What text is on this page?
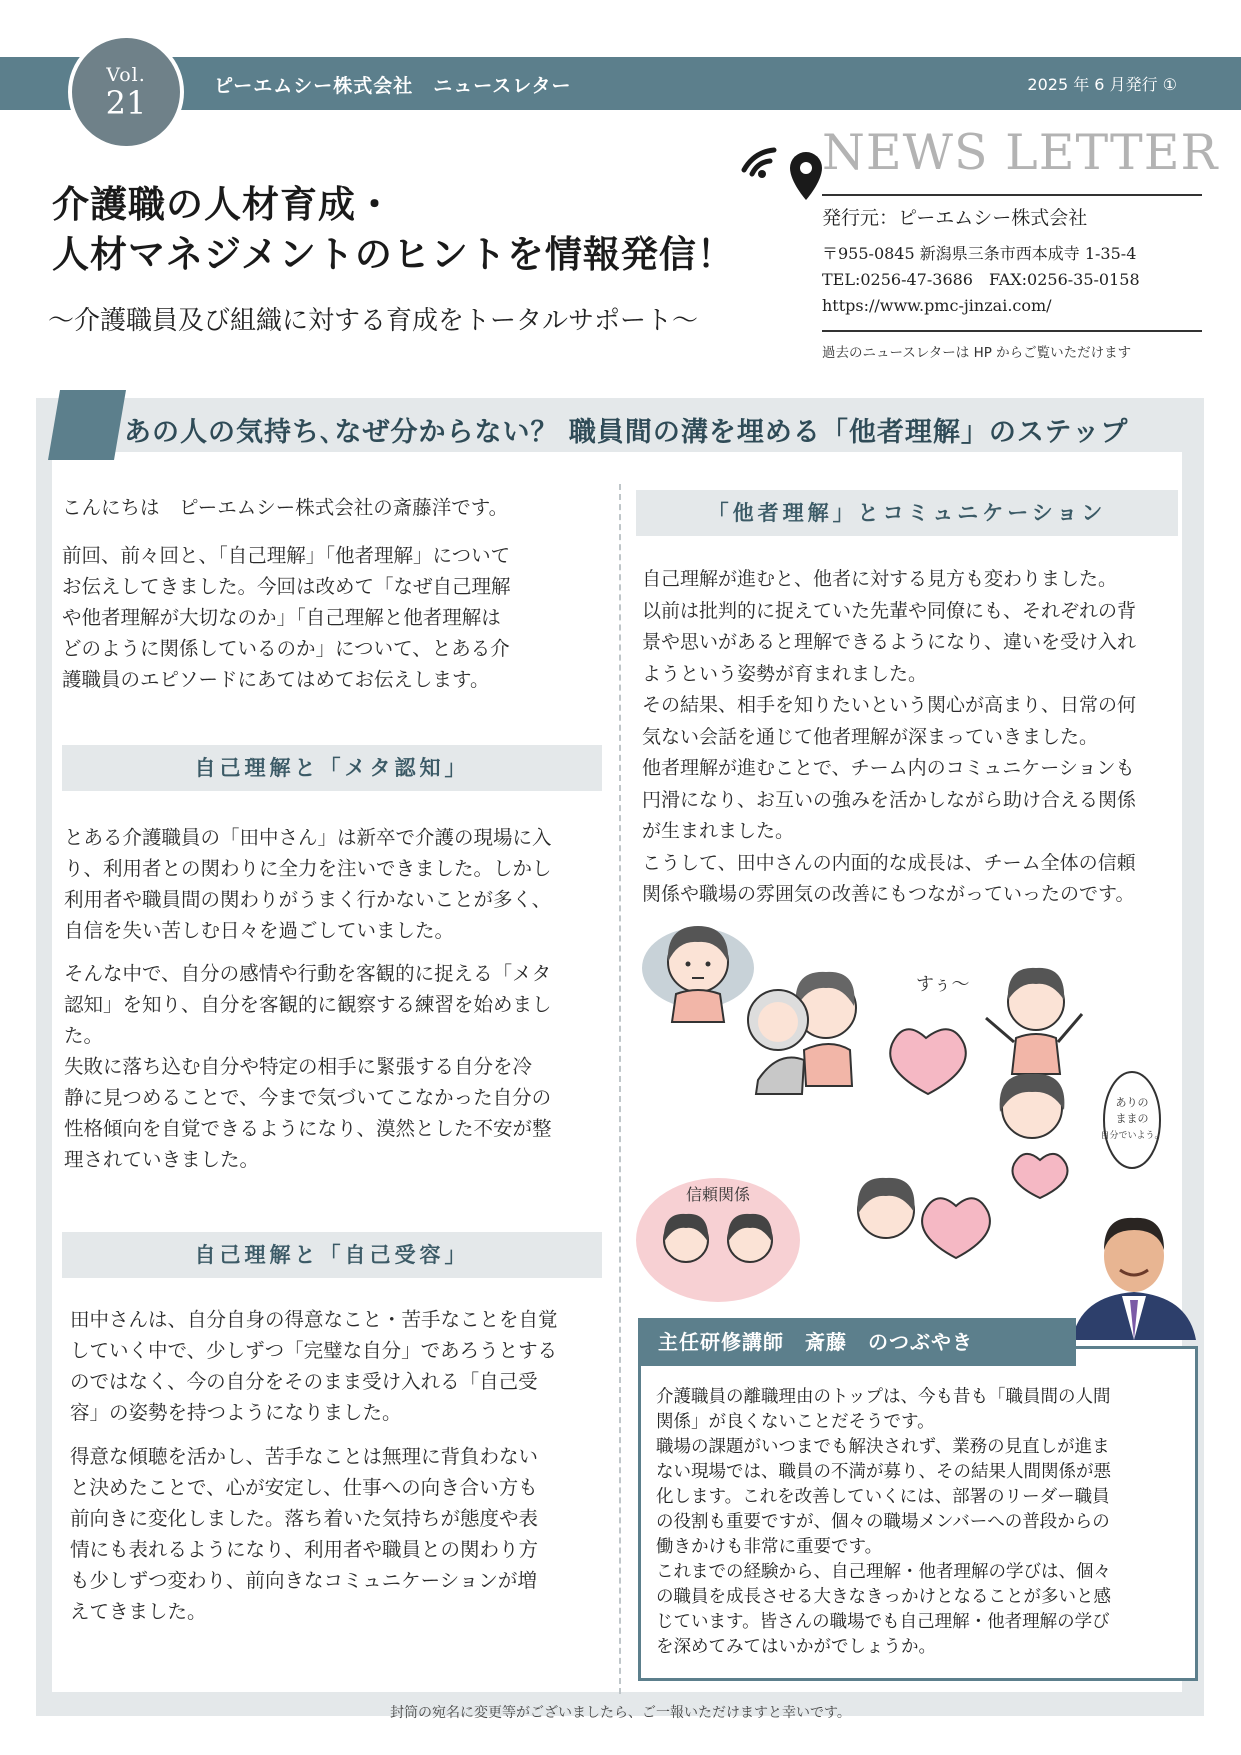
Vol.
21	ピーエムシー株式会社　ニュースレター	2025 年 6 月発行 ①
介護職の人材育成・
人材マネジメントのヒントを情報発信！
〜介護職員及び組織に対する育成をトータルサポート〜
NEWS LETTER
発行元：ピーエムシー株式会社
〒955-0845 新潟県三条市西本成寺 1-35-4
TEL:0256-47-3686　FAX:0256-35-0158
https://www.pmc-jinzai.com/
過去のニュースレターは HP からご覧いただけます
あの人の気持ち､なぜ分からない？ 職員間の溝を埋める「他者理解」のステップ
こんにちは　ピーエムシー株式会社の斎藤洋です。
前回、前々回と、「自己理解」「他者理解」について
お伝えしてきました。今回は改めて「なぜ自己理解
や他者理解が大切なのか」「自己理解と他者理解は
どのように関係しているのか」について、とある介
護職員のエピソードにあてはめてお伝えします。
自己理解と「メタ認知」
とある介護職員の「田中さん」は新卒で介護の現場に入
り、利用者との関わりに全力を注いできました。しかし
利用者や職員間の関わりがうまく行かないことが多く、
自信を失い苦しむ日々を過ごしていました。
そんな中で、自分の感情や行動を客観的に捉える「メタ
認知」を知り、自分を客観的に観察する練習を始めまし
た。
失敗に落ち込む自分や特定の相手に緊張する自分を冷
静に見つめることで、今まで気づいてこなかった自分の
性格傾向を自覚できるようになり、漠然とした不安が整
理されていきました。
自己理解と「自己受容」
田中さんは、自分自身の得意なこと・苦手なことを自覚
していく中で、少しずつ「完璧な自分」であろうとする
のではなく、今の自分をそのまま受け入れる「自己受
容」の姿勢を持つようになりました。
得意な傾聴を活かし、苦手なことは無理に背負わない
と決めたことで、心が安定し、仕事への向き合い方も
前向きに変化しました。落ち着いた気持ちが態度や表
情にも表れるようになり、利用者や職員との関わり方
も少しずつ変わり、前向きなコミュニケーションが増
えてきました。
「他者理解」とコミュニケーション
自己理解が進むと、他者に対する見方も変わりました。
以前は批判的に捉えていた先輩や同僚にも、それぞれの背
景や思いがあると理解できるようになり、違いを受け入れ
ようという姿勢が育まれました。
その結果、相手を知りたいという関心が高まり、日常の何
気ない会話を通じて他者理解が深まっていきました。
他者理解が進むことで、チーム内のコミュニケーションも
円滑になり、お互いの強みを活かしながら助け合える関係
が生まれました。
こうして、田中さんの内面的な成長は、チーム全体の信頼
関係や職場の雰囲気の改善にもつながっていったのです。
すぅ〜
ありの
ままの
自分でいよう。
信頼関係
主任研修講師　斎藤　のつぶやき
介護職員の離職理由のトップは、今も昔も「職員間の人間
関係」が良くないことだそうです。
職場の課題がいつまでも解決されず、業務の見直しが進ま
ない現場では、職員の不満が募り、その結果人間関係が悪
化します。これを改善していくには、部署のリーダー職員
の役割も重要ですが、個々の職場メンバーへの普段からの
働きかけも非常に重要です。
これまでの経験から、自己理解・他者理解の学びは、個々
の職員を成長させる大きなきっかけとなることが多いと感
じています。皆さんの職場でも自己理解・他者理解の学び
を深めてみてはいかがでしょうか。
封筒の宛名に変更等がございましたら、ご一報いただけますと幸いです。
